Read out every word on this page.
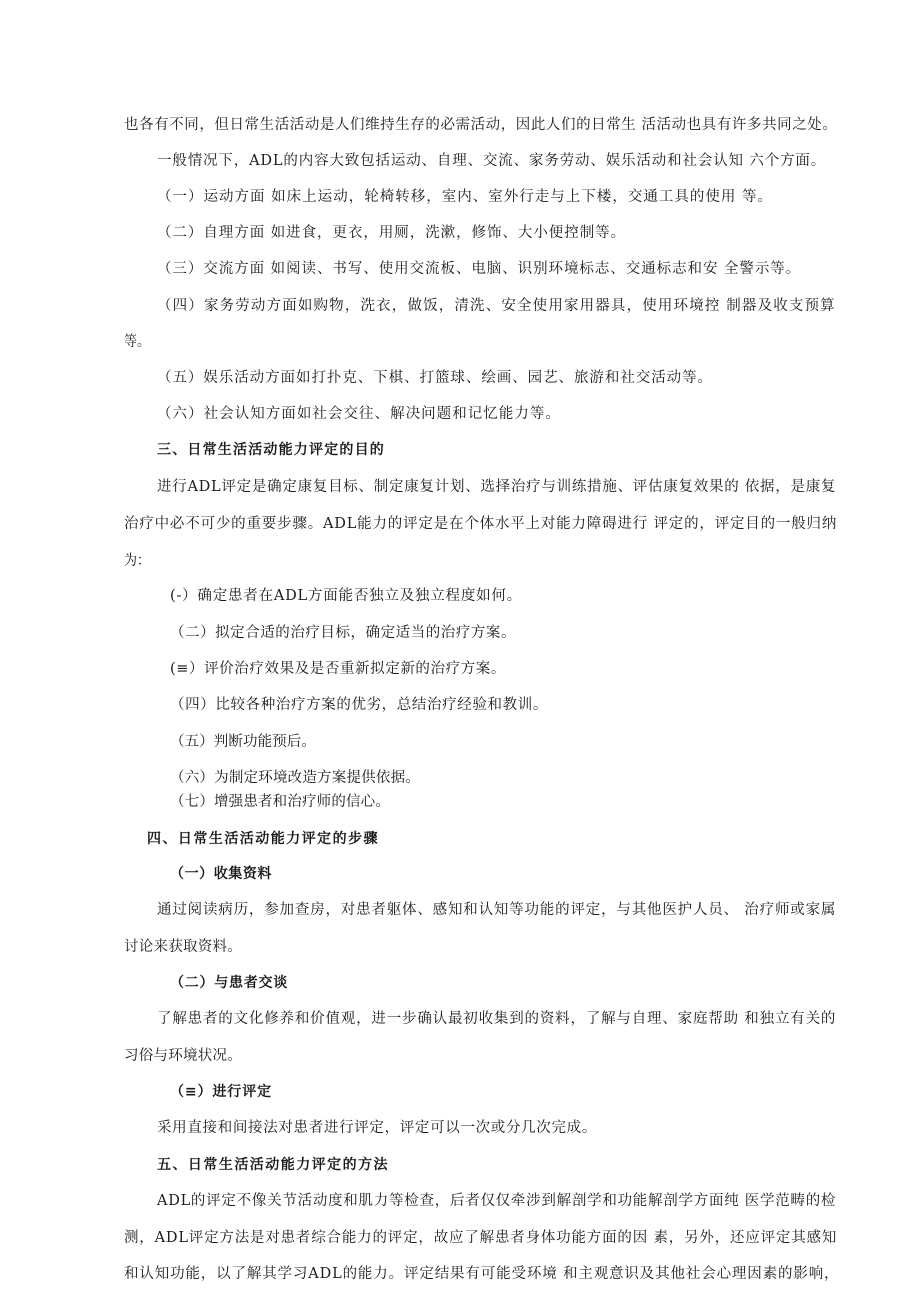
也各有不同，但日常生活活动是人们维持生存的必需活动，因此人们的日常生 活活动也具有许多共同之处。
一般情况下，ADL的内容大致包括运动、自理、交流、家务劳动、娱乐活动和社会认知 六个方面。
（一）运动方面 如床上运动，轮椅转移，室内、室外行走与上下楼，交通工具的使用 等。
（二）自理方面 如进食，更衣，用厕，洗漱，修饰、大小便控制等。
（三）交流方面 如阅读、书写、使用交流板、电脑、识别环境标志、交通标志和安 全警示等。
（四）家务劳动方面如购物，洗衣，做饭，清洗、安全使用家用器具，使用环境控 制器及收支预算
等。
（五）娱乐活动方面如打扑克、下棋、打篮球、绘画、园艺、旅游和社交活动等。
（六）社会认知方面如社会交往、解决问题和记忆能力等。
三、日常生活活动能力评定的目的
进行ADL评定是确定康复目标、制定康复计划、选择治疗与训练措施、评估康复效果的 依据，是康复
治疗中必不可少的重要步骤。ADL能力的评定是在个体水平上对能力障碍进行 评定的，评定目的一般归纳
为：
(-）确定患者在ADL方面能否独立及独立程度如何。
（二）拟定合适的治疗目标，确定适当的治疗方案。
(≡）评价治疗效果及是否重新拟定新的治疗方案。
（四）比较各种治疗方案的优劣，总结治疗经验和教训。
（五）判断功能预后。
（六）为制定环境改造方案提供依据。
（七）增强患者和治疗师的信心。
四、日常生活活动能力评定的步骤
（一）收集资料
通过阅读病历，参加查房，对患者躯体、感知和认知等功能的评定，与其他医护人员、 治疗师或家属
讨论来获取资料。
（二）与患者交谈
了解患者的文化修养和价值观，进一步确认最初收集到的资料，了解与自理、家庭帮助 和独立有关的
习俗与环境状况。
（≡）进行评定
采用直接和间接法对患者进行评定，评定可以一次或分几次完成。
五、日常生活活动能力评定的方法
ADL的评定不像关节活动度和肌力等检查，后者仅仅牵涉到解剖学和功能解剖学方面纯 医学范畴的检
测，ADL评定方法是对患者综合能力的评定，故应了解患者身体功能方面的因 素，另外，还应评定其感知
和认知功能，以了解其学习ADL的能力。评定结果有可能受环境 和主观意识及其他社会心理因素的影响，
